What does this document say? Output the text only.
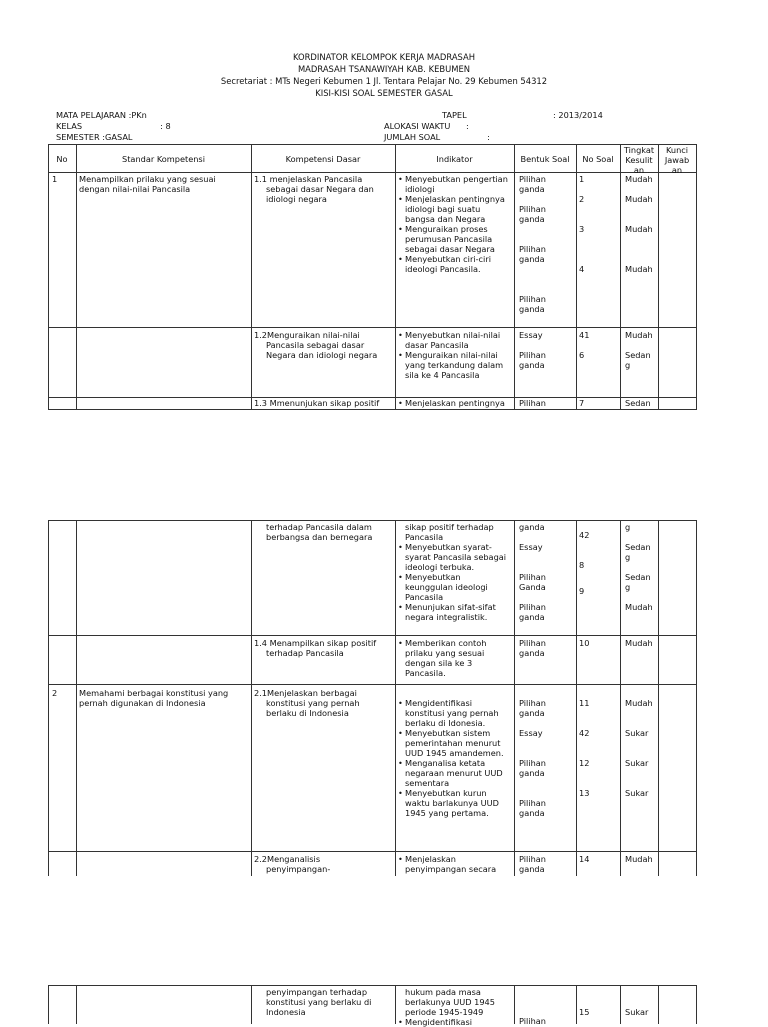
KORDINATOR KELOMPOK KERJA MADRASAH
MADRASAH TSANAWIYAH KAB. KEBUMEN
Secretariat : MTs Negeri Kebumen 1 Jl. Tentara Pelajar No. 29 Kebumen 54312
KISI-KISI SOAL SEMESTER GASAL
MATA PELAJARAN :PKn
KELAS                              : 8
SEMESTER :GASAL
TAPEL	: 2013/2014
ALOKASI WAKTU      :
JUMLAH SOAL                  :
No	Standar Kompetensi	Kompetensi Dasar	Indikator	Bentuk Soal	No Soal
Tingkat
Kesulit
an
Kunci
Jawab
an
1	Menampilkan prilaku yang sesuai
dengan nilai-nilai Pancasila
1.1 menjelaskan Pancasila
sebagai dasar Negara dan
idiologi negara
• Menyebutkan pengertian
idiologi
• Menjelaskan pentingnya
idiologi bagi suatu
bangsa dan Negara
• Menguraikan proses
perumusan Pancasila
sebagai dasar Negara
• Menyebutkan ciri-ciri
ideologi Pancasila.
Pilihan
ganda
Pilihan
ganda
Pilihan
ganda
Pilihan
ganda
1
2
3
4
Mudah
Mudah
Mudah
Mudah
1.2Menguraikan nilai-nilai
Pancasila sebagai dasar
Negara dan idiologi negara
• Menyebutkan nilai-nilai
dasar Pancasila
• Menguraikan nilai-nilai
yang terkandung dalam
sila ke 4 Pancasila
Essay
Pilihan
ganda
41
6
Mudah
Sedan
g
1.3 Mmenunjukan sikap positif
•	Menjelaskan pentingnya	Pilihan	7	Sedan
terhadap Pancasila dalam
berbangsa dan bernegara
sikap positif terhadap
Pancasila
• Menyebutkan syarat-
syarat Pancasila sebagai
ideologi terbuka.
• Menyebutkan
keunggulan ideologi
Pancasila
• Menunjukan sifat-sifat
negara integralistik.
ganda
Essay
Pilihan
Ganda
Pilihan
ganda
42
8
9
g
Sedan
g
Sedan
g
Mudah
1.4 Menampilkan sikap positif
terhadap Pancasila
• Memberikan contoh
prilaku yang sesuai
dengan sila ke 3
Pancasila.
Pilihan
ganda
10	Mudah
2	Memahami berbagai konstitusi yang
pernah digunakan di Indonesia
2.1Menjelaskan berbagai
konstitusi yang pernah
berlaku di Indonesia
• Mengidentifikasi
konstitusi yang pernah
berlaku di Idonesia.
• Menyebutkan sistem
pemerintahan menurut
UUD 1945 amandemen.
• Menganalisa ketata
negaraan menurut UUD
sementara
• Menyebutkan kurun
waktu barlakunya UUD
1945 yang pertama.
Pilihan
ganda
Essay
Pilihan
ganda
Pilihan
ganda
11
42
12
13
Mudah
Sukar
Sukar
Sukar
2.2Menganalisis
penyimpangan-
• Menjelaskan
penyimpangan secara
Pilihan
ganda
14	Mudah
penyimpangan terhadap
konstitusi yang berlaku di
Indonesia
hukum pada masa
berlakunya UUD 1945
periode 1945-1949
• Mengidentifikasi	Pilihan
15	Sukar
